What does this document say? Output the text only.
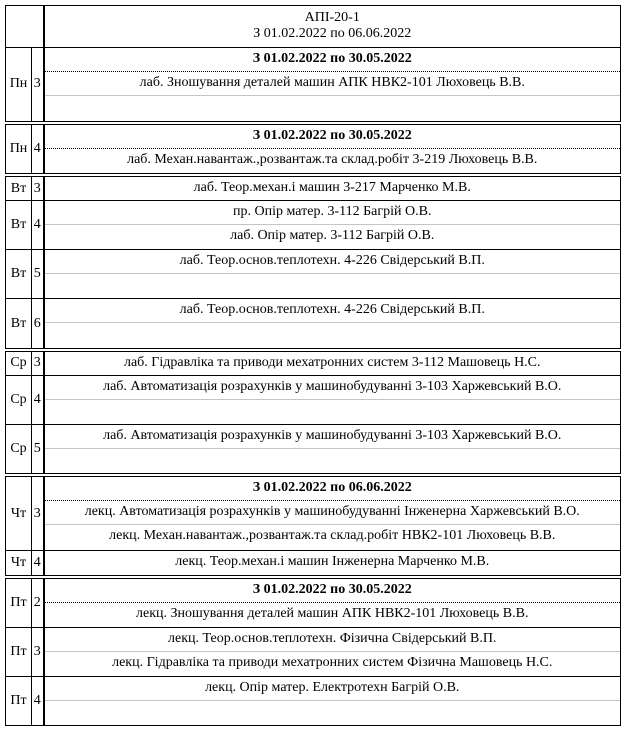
		АПІ-20-1
З 01.02.2022 по 06.06.2022

Пн	3	З 01.02.2022 по 30.05.2022
лаб. Зношування деталей машин АПК НВК2-101 Люховець В.В.

Пн	4	З 01.02.2022 по 30.05.2022
лаб. Механ.навантаж.,розвантаж.та склад.робіт 3-219 Люховець В.В.

Вт	3	лаб. Теор.механ.і машин 3-217 Марченко М.В.

Вт	4	пр. Опір матер. 3-112 Багрій О.В.
лаб. Опір матер. 3-112 Багрій О.В.

Вт	5	лаб. Теор.основ.теплотехн. 4-226 Свідерський В.П.

Вт	6	лаб. Теор.основ.теплотехн. 4-226 Свідерський В.П.

Ср	3	лаб. Гідравліка та приводи мехатронних систем 3-112 Машовець Н.С.

Ср	4	лаб. Автоматизація розрахунків у машинобудуванні 3-103 Харжевський В.О.

Ср	5	лаб. Автоматизація розрахунків у машинобудуванні 3-103 Харжевський В.О.

Чт	3	З 01.02.2022 по 06.06.2022
лекц. Автоматизація розрахунків у машинобудуванні Інженерна Харжевський В.О.
лекц. Механ.навантаж.,розвантаж.та склад.робіт НВК2-101 Люховець В.В.

Чт	4	лекц. Теор.механ.і машин Інженерна Марченко М.В.

Пт	2	З 01.02.2022 по 30.05.2022
лекц. Зношування деталей машин АПК НВК2-101 Люховець В.В.

Пт	3	лекц. Теор.основ.теплотехн. Фізична Свідерський В.П.
лекц. Гідравліка та приводи мехатронних систем Фізична Машовець Н.С.

Пт	4	лекц. Опір матер. Електротехн Багрій О.В.
